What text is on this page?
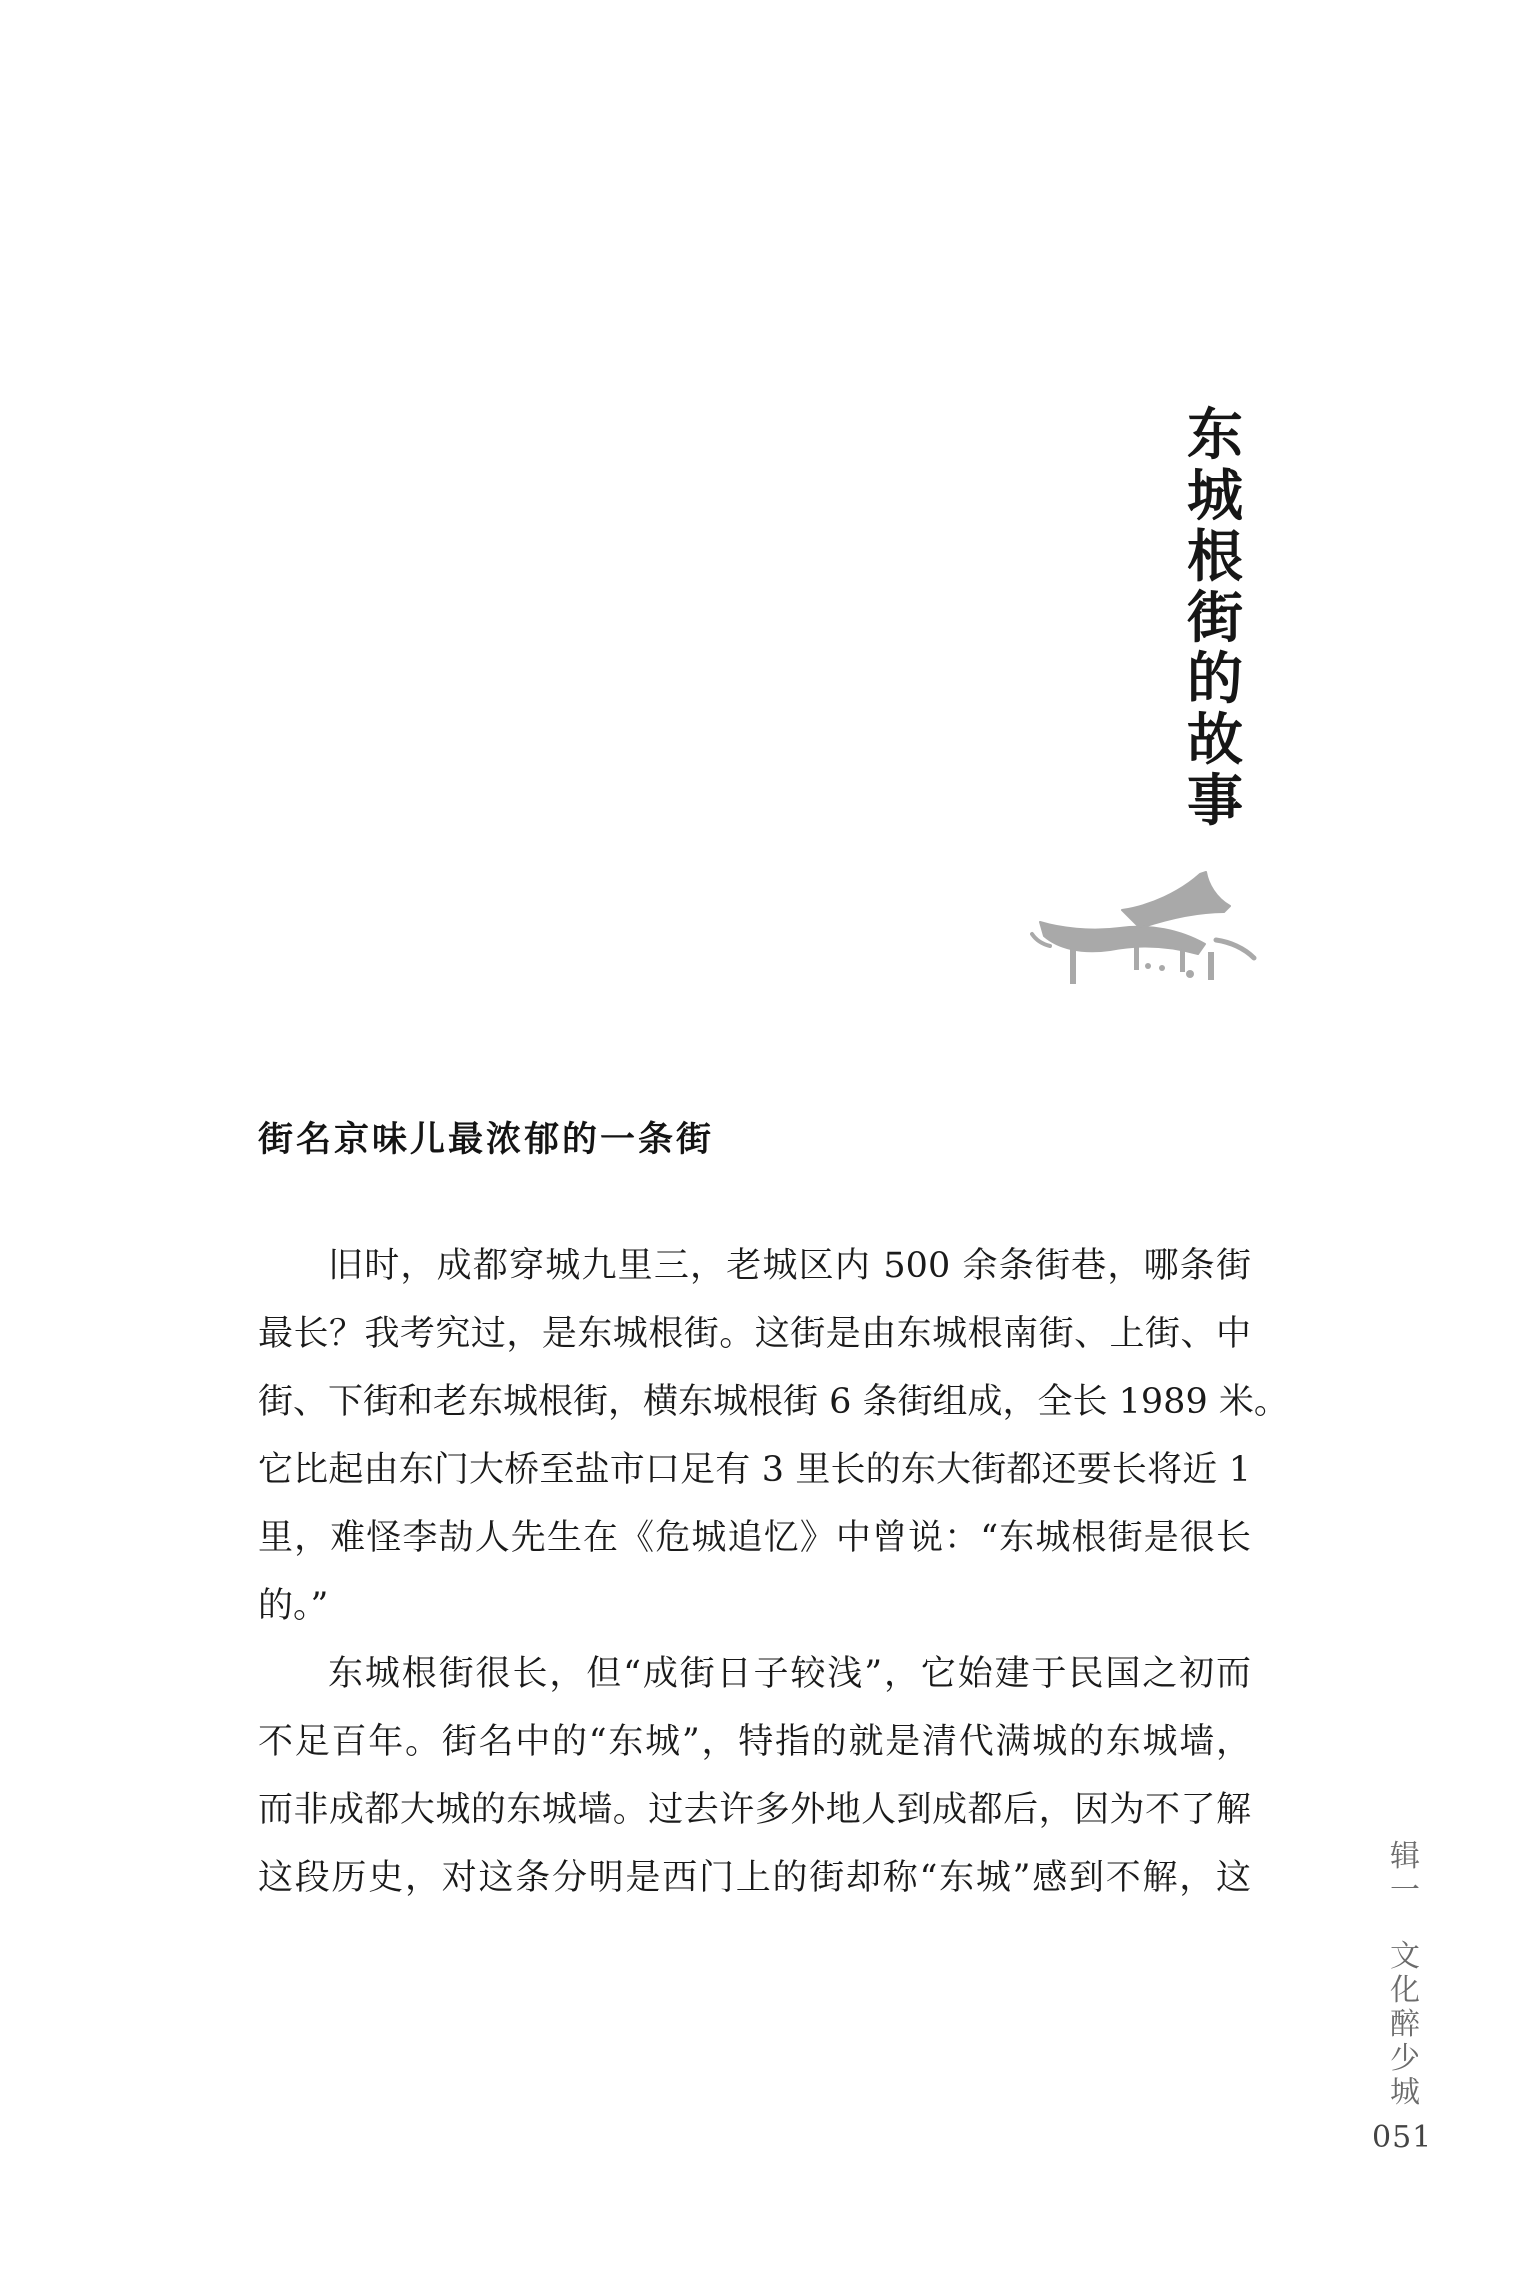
东
城
根
街
的
故
事
街名京味儿最浓郁的一条街
旧时，成都穿城九里三，老城区内 500 余条街巷，哪条街
最长？我考究过，是东城根街。这街是由东城根南街、上街、中
街、下街和老东城根街，横东城根街 6 条街组成，全长 1989 米。
它比起由东门大桥至盐市口足有 3 里长的东大街都还要长将近 1
里，难怪李劼人先生在《危城追忆》中曾说：“东城根街是很长
的。”
东城根街很长，但“成街日子较浅”，它始建于民国之初而
不足百年。街名中的“东城”，特指的就是清代满城的东城墙，
而非成都大城的东城墙。过去许多外地人到成都后，因为不了解
这段历史，对这条分明是西门上的街却称“东城”感到不解，这
辑
一
文
化
醉
少
城
051
